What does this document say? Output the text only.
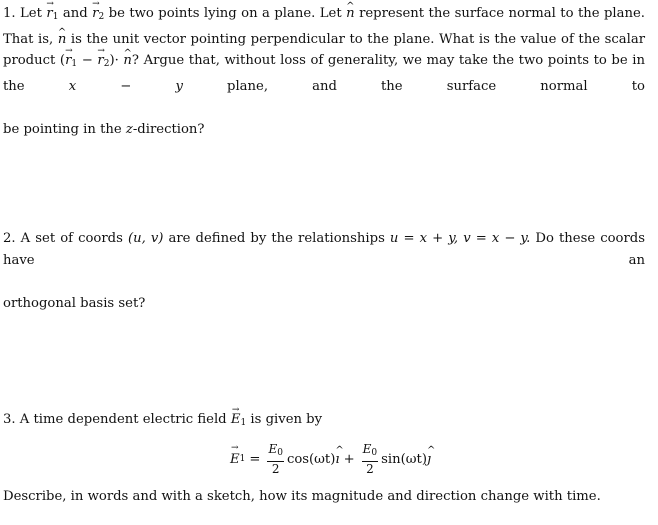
1. Let → $r_1$ and → $r_2$ be two points lying on a plane. Let ^ n represent the surface normal to the plane. That is, ^ n is the unit vector pointing perpendicular to the plane. What is the value of the scalar product (→ $r_1$ − → $r_2)\cdot$ ^ n? Argue that, without loss of generality, we may take the two points to be in the	x	−	y	plane, and the surface normal to
be pointing in the z-direction?
2. A set of coords (u, v) are defined by the relationships u = x + y, v = x − y. Do these coords have an
orthogonal basis set?
3. A time dependent electric field → $E_1$ is given by
→ E $1 = \frac{E_0}{2} \cos(\omega t)$ ^ ı + $\frac{E_0}{2} \sin(\omega t)$ ^ ȷ
Describe, in words and with a sketch, how its magnitude and direction change with time.
